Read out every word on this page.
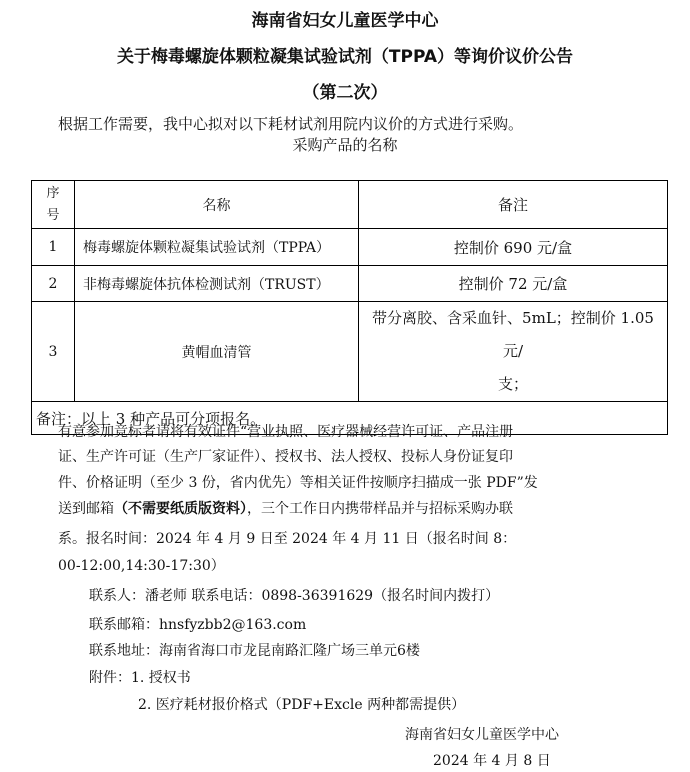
海南省妇女儿童医学中心
关于梅毒螺旋体颗粒凝集试验试剂（TPPA）等询价议价公告
（第二次）
根据工作需要，我中心拟对以下耗材试剂用院内议价的方式进行采购。
采购产品的名称
序
号	名称	备注
1	梅毒螺旋体颗粒凝集试验试剂（TPPA）	控制价 690 元/盒
2	非梅毒螺旋体抗体检测试剂（TRUST）	控制价 72 元/盒
3	黄帽血清管	带分离胶、含采血针、5mL；控制价 1.05 元/
支；

备注：以上 3 种产品可分项报名。		
有意参加竞标者请将有效证件“营业执照、医疗器械经营许可证、产品注册
证、生产许可证（生产厂家证件）、授权书、法人授权、投标人身份证复印
件、价格证明（至少 3 份，省内优先）等相关证件按顺序扫描成一张 PDF”发
送到邮箱（不需要纸质版资料），三个工作日内携带样品并与招标采购办联
系。报名时间：2024 年 4 月 9 日至 2024 年 4 月 11 日（报名时间 8：
00-12:00,14:30-17:30）
联系人：潘老师 联系电话：0898-36391629（报名时间内拨打）
联系邮箱：hnsfyzbb2@163.com
联系地址：海南省海口市龙昆南路汇隆广场三单元6楼
附件：1. 授权书
2. 医疗耗材报价格式（PDF+Excle 两种都需提供）
海南省妇女儿童医学中心
2024 年 4 月 8 日
